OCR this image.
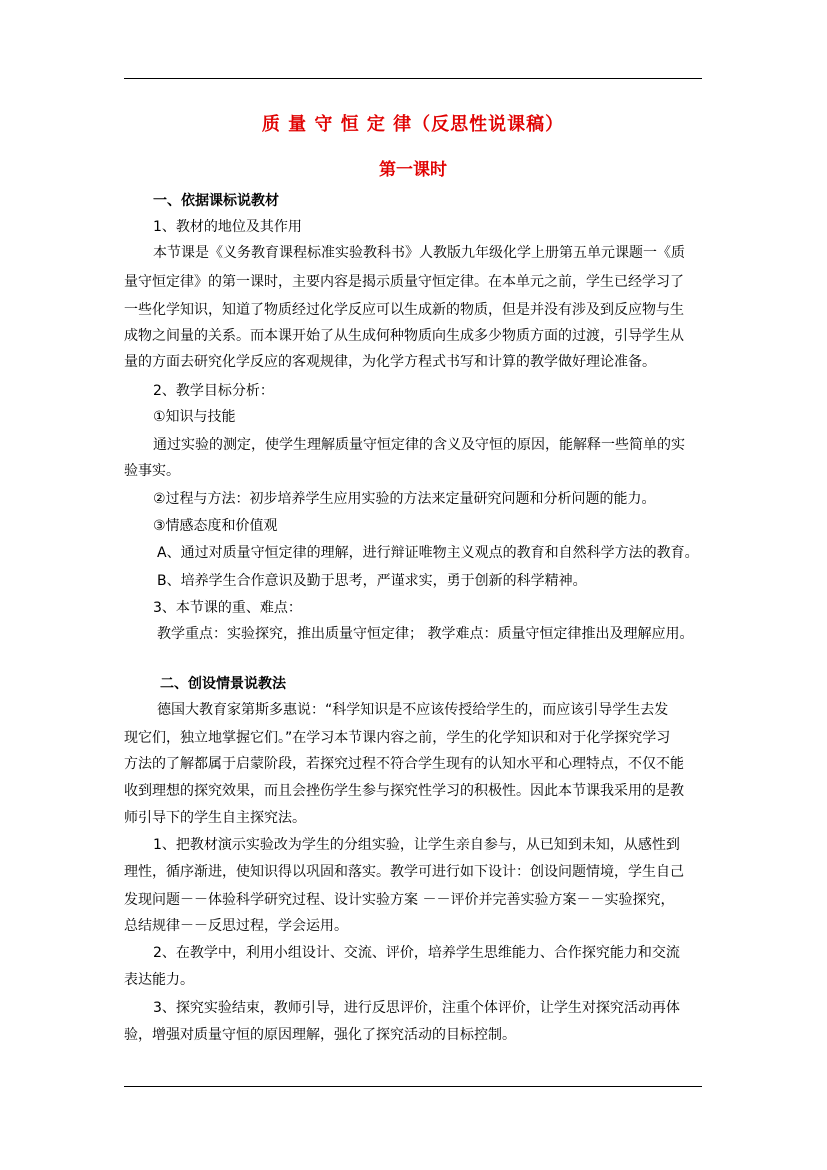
质 量 守 恒 定 律（反思性说课稿）
第一课时
一、依据课标说教材
1、教材的地位及其作用
本节课是《义务教育课程标准实验教科书》人教版九年级化学上册第五单元课题一《质
量守恒定律》的第一课时，主要内容是揭示质量守恒定律。在本单元之前，学生已经学习了
一些化学知识，知道了物质经过化学反应可以生成新的物质，但是并没有涉及到反应物与生
成物之间量的关系。而本课开始了从生成何种物质向生成多少物质方面的过渡，引导学生从
量的方面去研究化学反应的客观规律，为化学方程式书写和计算的教学做好理论准备。
2、教学目标分析：
①知识与技能
通过实验的测定，使学生理解质量守恒定律的含义及守恒的原因，能解释一些简单的实
验事实。
②过程与方法：初步培养学生应用实验的方法来定量研究问题和分析问题的能力。
③情感态度和价值观
A、通过对质量守恒定律的理解，进行辩证唯物主义观点的教育和自然科学方法的教育。
B、培养学生合作意识及勤于思考，严谨求实，勇于创新的科学精神。
3、本节课的重、难点：
教学重点：实验探究，推出质量守恒定律； 教学难点：质量守恒定律推出及理解应用。
二、创设情景说教法
德国大教育家第斯多惠说：“科学知识是不应该传授给学生的，而应该引导学生去发
现它们，独立地掌握它们。”在学习本节课内容之前，学生的化学知识和对于化学探究学习
方法的了解都属于启蒙阶段，若探究过程不符合学生现有的认知水平和心理特点，不仅不能
收到理想的探究效果，而且会挫伤学生参与探究性学习的积极性。因此本节课我采用的是教
师引导下的学生自主探究法。
1、把教材演示实验改为学生的分组实验，让学生亲自参与，从已知到未知，从感性到
理性，循序渐进，使知识得以巩固和落实。教学可进行如下设计：创设问题情境，学生自己
发现问题－－体验科学研究过程、设计实验方案 －－评价并完善实验方案－－实验探究，
总结规律－－反思过程，学会运用。
2、在教学中，利用小组设计、交流、评价，培养学生思维能力、合作探究能力和交流
表达能力。
3、探究实验结束，教师引导，进行反思评价，注重个体评价，让学生对探究活动再体
验，增强对质量守恒的原因理解，强化了探究活动的目标控制。
